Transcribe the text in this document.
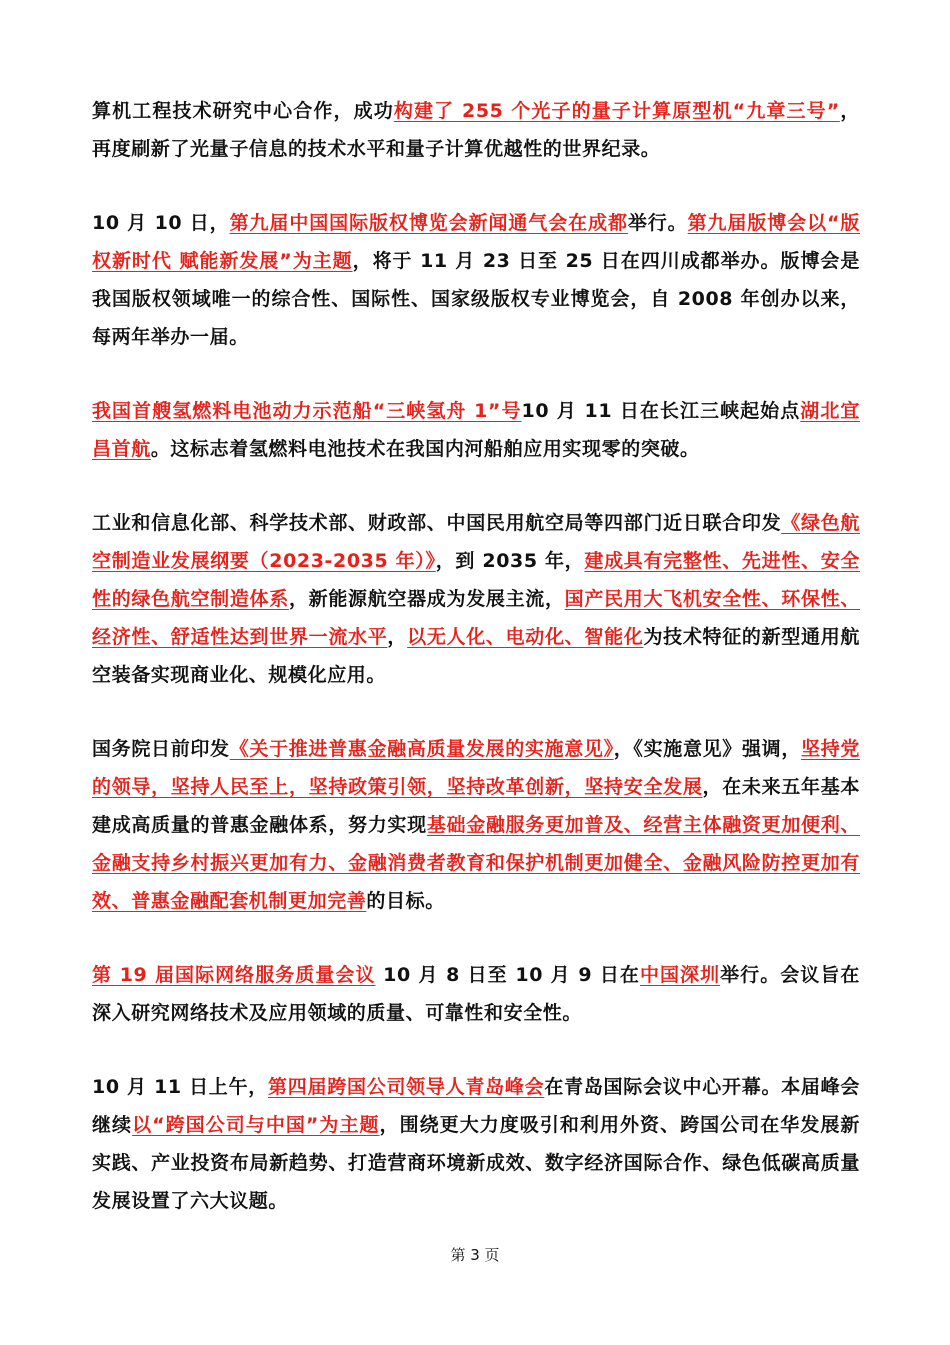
算机工程技术研究中心合作，成功构建了 255 个光子的量子计算原型机“九章三号”，再度刷新了光量子信息的技术水平和量子计算优越性的世界纪录。

10 月 10 日，第九届中国国际版权博览会新闻通气会在成都举行。第九届版博会以“版权新时代 赋能新发展”为主题，将于 11 月 23 日至 25 日在四川成都举办。版博会是我国版权领域唯一的综合性、国际性、国家级版权专业博览会，自 2008 年创办以来，每两年举办一届。

我国首艘氢燃料电池动力示范船“三峡氢舟 1”号10 月 11 日在长江三峡起始点湖北宜昌首航。这标志着氢燃料电池技术在我国内河船舶应用实现零的突破。

工业和信息化部、科学技术部、财政部、中国民用航空局等四部门近日联合印发《绿色航空制造业发展纲要（2023-2035 年）》，到 2035 年，建成具有完整性、先进性、安全性的绿色航空制造体系，新能源航空器成为发展主流，国产民用大飞机安全性、环保性、经济性、舒适性达到世界一流水平，以无人化、电动化、智能化为技术特征的新型通用航空装备实现商业化、规模化应用。

国务院日前印发《关于推进普惠金融高质量发展的实施意见》，《实施意见》强调，坚持党的领导，坚持人民至上，坚持政策引领，坚持改革创新，坚持安全发展，在未来五年基本建成高质量的普惠金融体系，努力实现基础金融服务更加普及、经营主体融资更加便利、金融支持乡村振兴更加有力、金融消费者教育和保护机制更加健全、金融风险防控更加有效、普惠金融配套机制更加完善的目标。

第 19 届国际网络服务质量会议 10 月 8 日至 10 月 9 日在中国深圳举行。会议旨在深入研究网络技术及应用领域的质量、可靠性和安全性。

10 月 11 日上午，第四届跨国公司领导人青岛峰会在青岛国际会议中心开幕。本届峰会继续以“跨国公司与中国”为主题，围绕更大力度吸引和利用外资、跨国公司在华发展新实践、产业投资布局新趋势、打造营商环境新成效、数字经济国际合作、绿色低碳高质量发展设置了六大议题。

第 3 页
